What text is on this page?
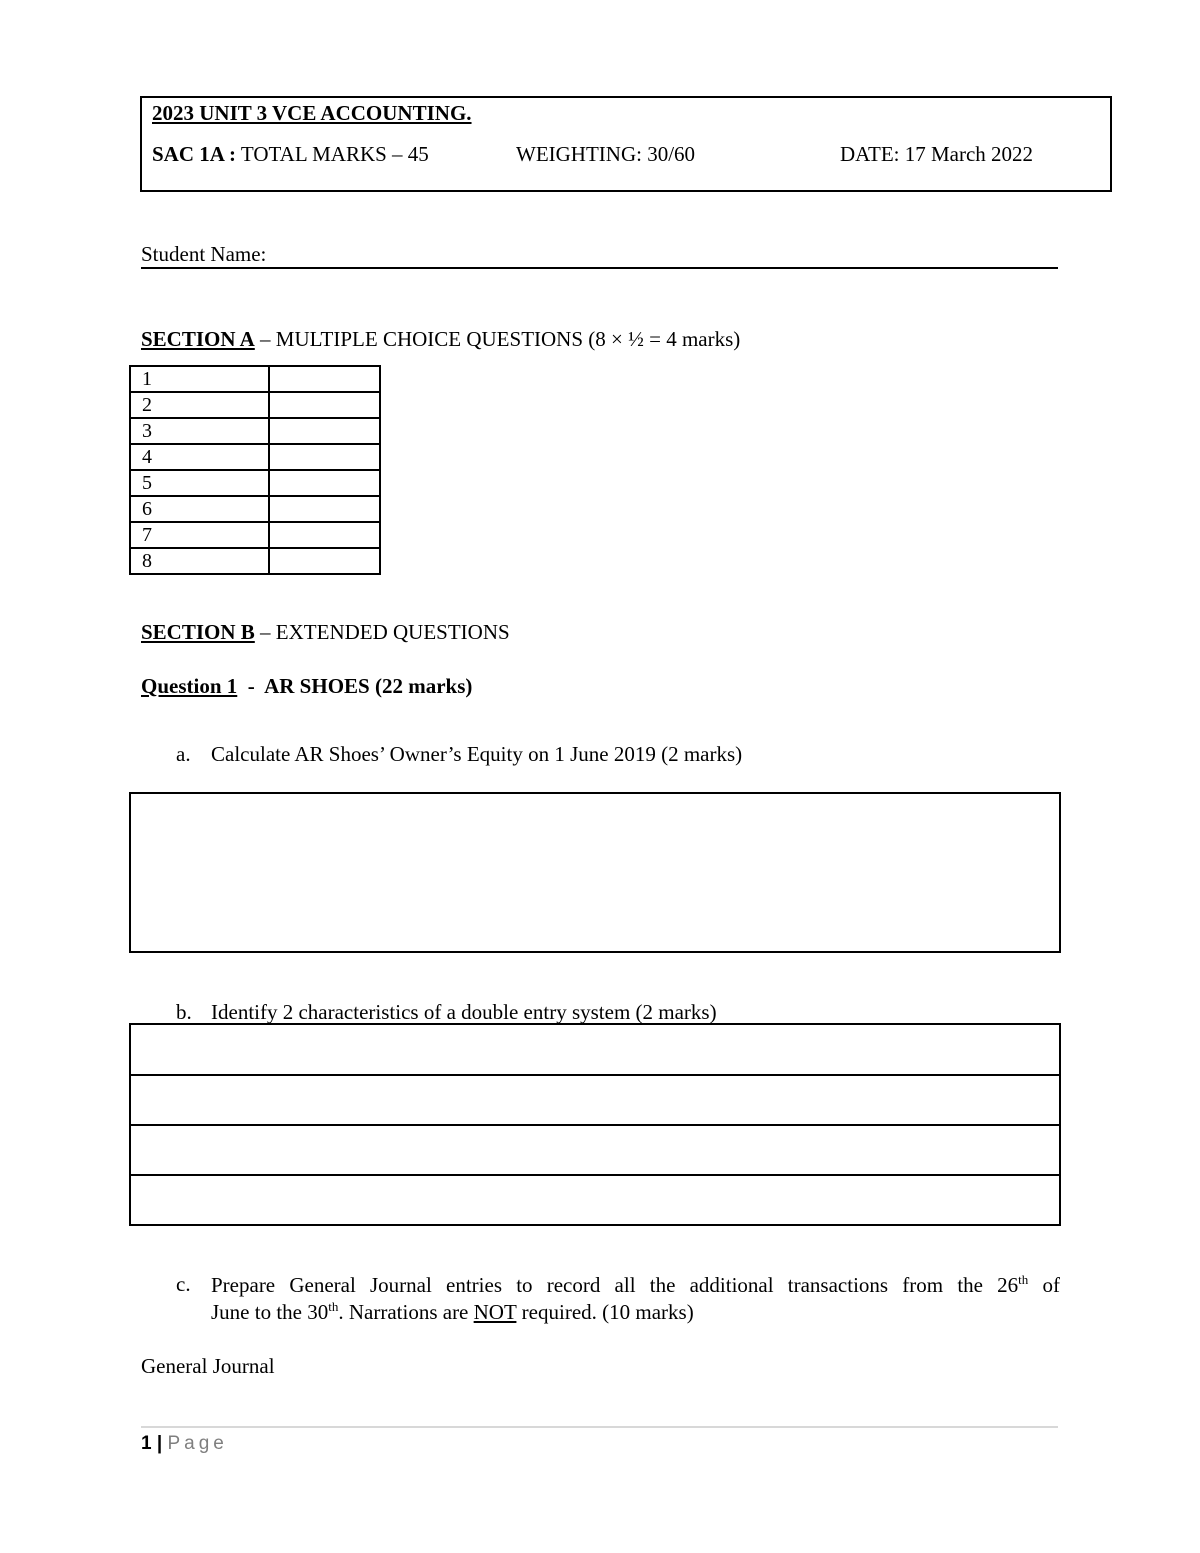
2023 UNIT 3 VCE ACCOUNTING.
SAC 1A : TOTAL MARKS – 45	WEIGHTING: 30/60	DATE: 17 March 2022
Student Name:
SECTION A – MULTIPLE CHOICE QUESTIONS (8 × ½ = 4 marks)
1	
2	
3	
4	
5	
6	
7	
8	
SECTION B – EXTENDED QUESTIONS
Question 1  -  AR SHOES (22 marks)
a. Calculate AR Shoes’ Owner’s Equity on 1 June 2019 (2 marks)
b. Identify 2 characteristics of a double entry system (2 marks)
c. Prepare General Journal entries to record all the additional transactions from the 26th of
June to the 30th. Narrations are NOT required. (10 marks)
General Journal
1 | Page
